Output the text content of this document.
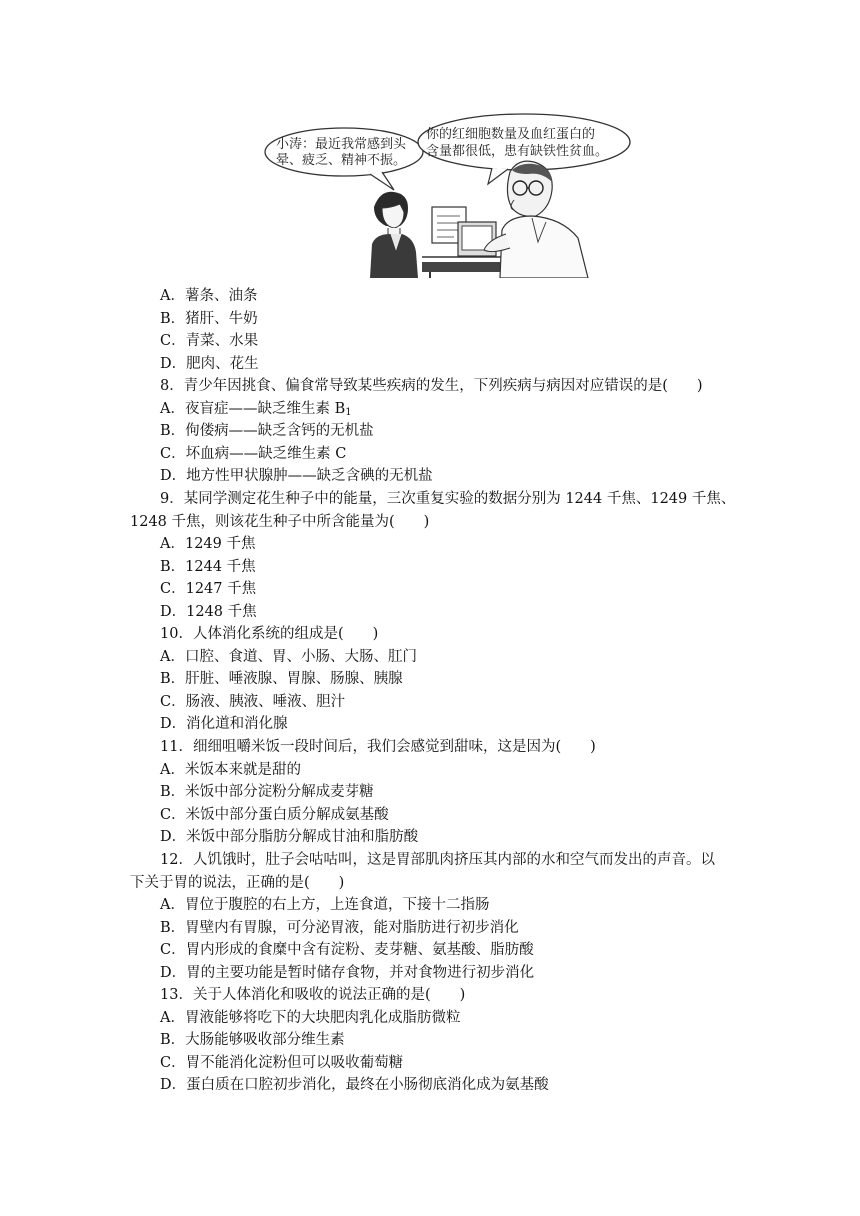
小涛：最近我常感到头
晕、疲乏、精神不振。
你的红细胞数量及血红蛋白的
含量都很低，患有缺铁性贫血。
A．薯条、油条
B．猪肝、牛奶
C．青菜、水果
D．肥肉、花生
8．青少年因挑食、偏食常导致某些疾病的发生，下列疾病与病因对应错误的是(　　)
A．夜盲症——缺乏维生素 $B_1$
B．佝偻病——缺乏含钙的无机盐
C．坏血病——缺乏维生素 C
D．地方性甲状腺肿——缺乏含碘的无机盐
9．某同学测定花生种子中的能量，三次重复实验的数据分别为 1244 千焦、1249 千焦、
1248 千焦，则该花生种子中所含能量为(　　)
A．1249 千焦
B．1244 千焦
C．1247 千焦
D．1248 千焦
10．人体消化系统的组成是(　　)
A．口腔、食道、胃、小肠、大肠、肛门
B．肝脏、唾液腺、胃腺、肠腺、胰腺
C．肠液、胰液、唾液、胆汁
D．消化道和消化腺
11．细细咀嚼米饭一段时间后，我们会感觉到甜味，这是因为(　　)
A．米饭本来就是甜的
B．米饭中部分淀粉分解成麦芽糖
C．米饭中部分蛋白质分解成氨基酸
D．米饭中部分脂肪分解成甘油和脂肪酸
12．人饥饿时，肚子会咕咕叫，这是胃部肌肉挤压其内部的水和空气而发出的声音。以
下关于胃的说法，正确的是(　　)
A．胃位于腹腔的右上方，上连食道，下接十二指肠
B．胃壁内有胃腺，可分泌胃液，能对脂肪进行初步消化
C．胃内形成的食糜中含有淀粉、麦芽糖、氨基酸、脂肪酸
D．胃的主要功能是暂时储存食物，并对食物进行初步消化
13．关于人体消化和吸收的说法正确的是(　　)
A．胃液能够将吃下的大块肥肉乳化成脂肪微粒
B．大肠能够吸收部分维生素
C．胃不能消化淀粉但可以吸收葡萄糖
D．蛋白质在口腔初步消化，最终在小肠彻底消化成为氨基酸
